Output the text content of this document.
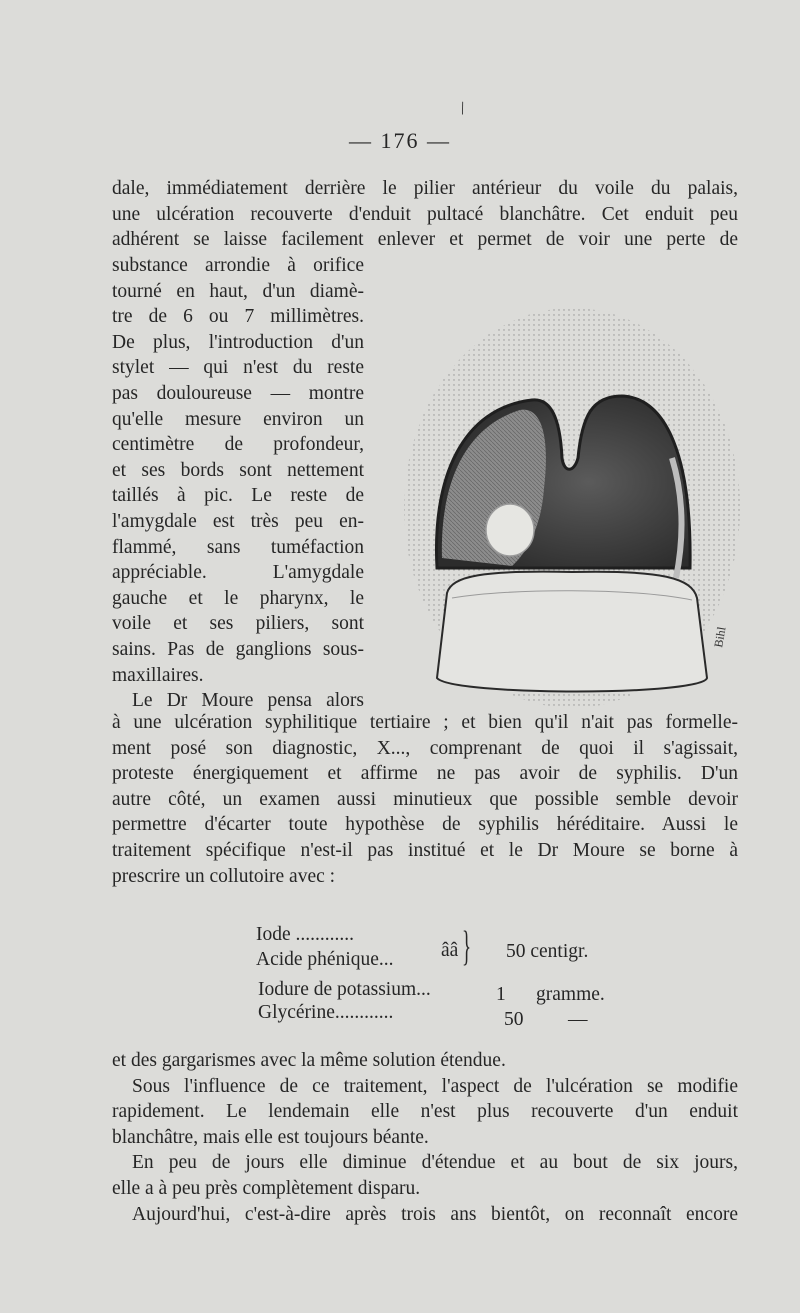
\
— 176 —

dale, immédiatement derrière le pilier antérieur du voile du palais,
une ulcération recouverte d'enduit pultacé blanchâtre. Cet enduit peu
adhérent se laisse facilement enlever et permet de voir une perte de

substance arrondie à orifice
tourné en haut, d'un diamè-
tre de 6 ou 7 millimètres.
De plus, l'introduction d'un
stylet — qui n'est du reste
pas douloureuse — montre
qu'elle mesure environ un
centimètre de profondeur,
et ses bords sont nettement
taillés à pic. Le reste de
l'amygdale est très peu en-
flammé, sans tuméfaction
appréciable. L'amygdale
gauche et le pharynx, le
voile et ses piliers, sont
sains. Pas de ganglions sous-
maxillaires.
Le Dr Moure pensa alors

Bihl

à une ulcération syphilitique tertiaire ; et bien qu'il n'ait pas formelle-
ment posé son diagnostic, X..., comprenant de quoi il s'agissait,
proteste énergiquement et affirme ne pas avoir de syphilis. D'un
autre côté, un examen aussi minutieux que possible semble devoir
permettre d'écarter toute hypothèse de syphilis héréditaire. Aussi le
traitement spécifique n'est-il pas institué et le Dr Moure se borne à
prescrire un collutoire avec :

Iode ............
Acide phénique... ââ } 50 centigr.
Iodure de potassium...	1 gramme.
Glycérine............	50 —

et des gargarismes avec la même solution étendue.
Sous l'influence de ce traitement, l'aspect de l'ulcération se modifie
rapidement. Le lendemain elle n'est plus recouverte d'un enduit
blanchâtre, mais elle est toujours béante.
En peu de jours elle diminue d'étendue et au bout de six jours,
elle a à peu près complètement disparu.
Aujourd'hui, c'est-à-dire après trois ans bientôt, on reconnaît encore
